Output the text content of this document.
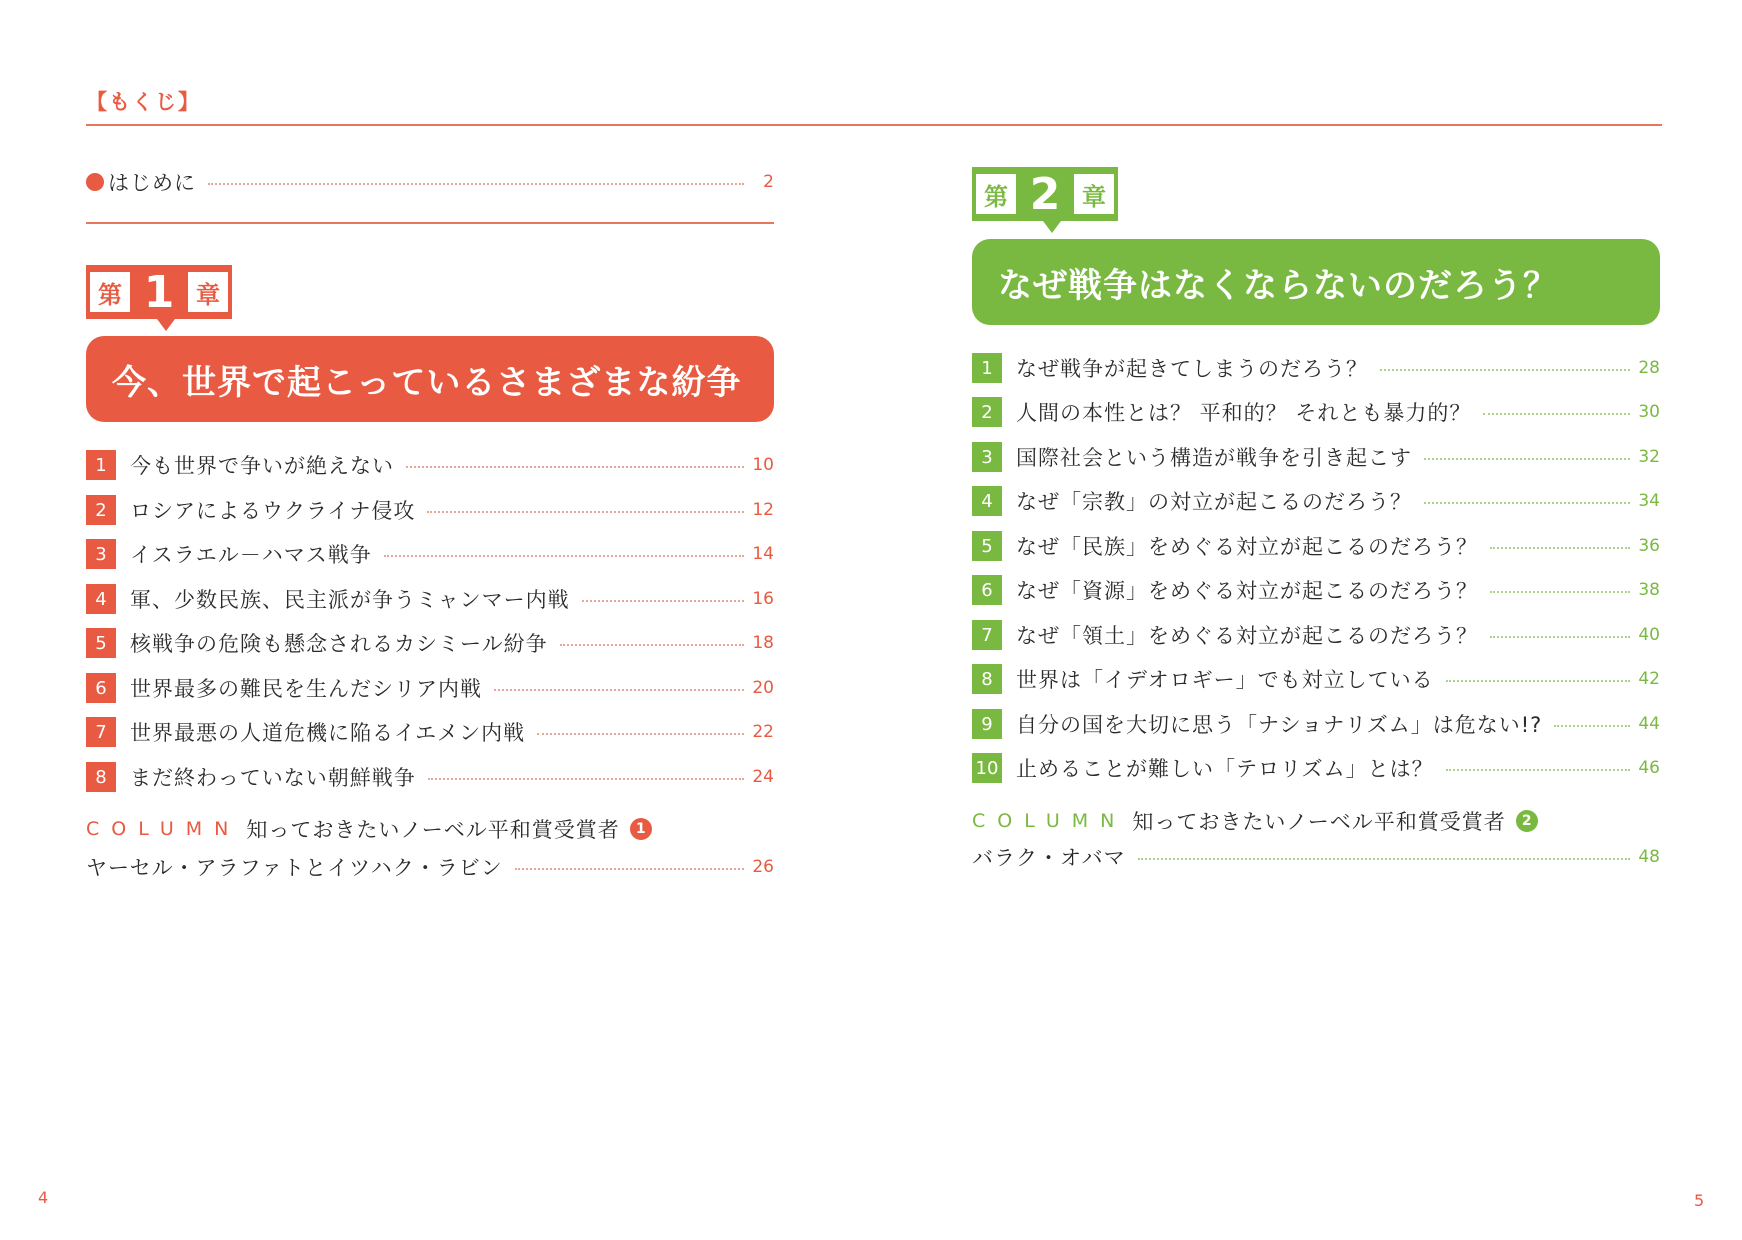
【もくじ】
はじめに	2
第 1 章
今、世界で起こっているさまざまな紛争
1	今も世界で争いが絶えない	10
2	ロシアによるウクライナ侵攻	12
3	イスラエル－ハマス戦争	14
4	軍、少数民族、民主派が争うミャンマー内戦	16
5	核戦争の危険も懸念されるカシミール紛争	18
6	世界最多の難民を生んだシリア内戦	20
7	世界最悪の人道危機に陥るイエメン内戦	22
8	まだ終わっていない朝鮮戦争	24
COLUMN 知っておきたいノーベル平和賞受賞者	1
ヤーセル・アラファトとイツハク・ラビン	26
第 2 章
なぜ戦争はなくならないのだろう？
1	なぜ戦争が起きてしまうのだろう？	28
2	人間の本性とは？ 平和的？ それとも暴力的？	30
3	国際社会という構造が戦争を引き起こす	32
4	なぜ「宗教」の対立が起こるのだろう？	34
5	なぜ「民族」をめぐる対立が起こるのだろう？	36
6	なぜ「資源」をめぐる対立が起こるのだろう？	38
7	なぜ「領土」をめぐる対立が起こるのだろう？	40
8	世界は「イデオロギー」でも対立している	42
9	自分の国を大切に思う「ナショナリズム」は危ない!?	44
10 止めることが難しい「テロリズム」とは？	46
COLUMN 知っておきたいノーベル平和賞受賞者	2
バラク・オバマ	48
4	5
